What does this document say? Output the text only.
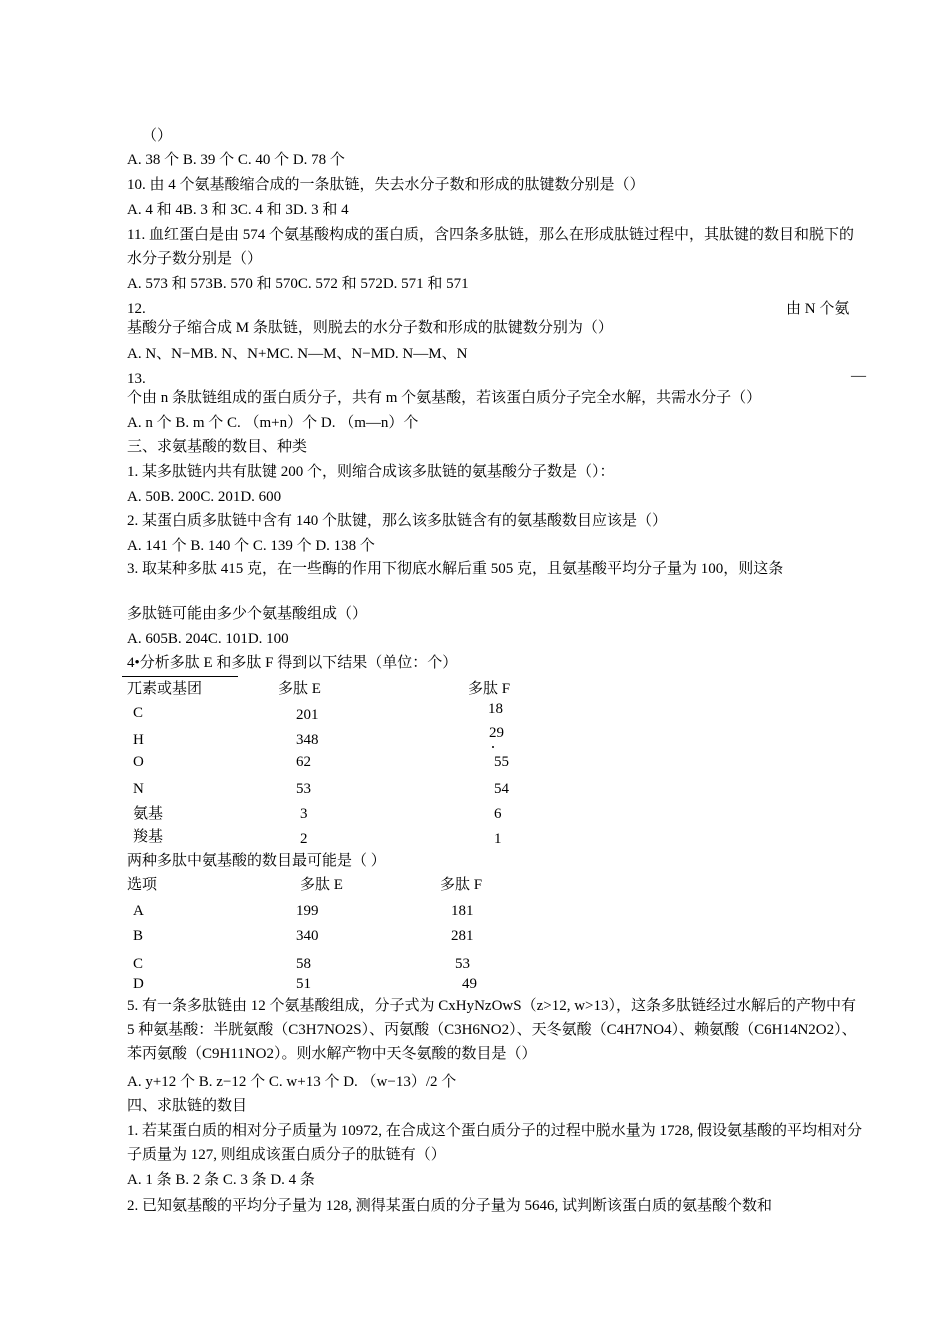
（）
A. 38 个 B. 39 个 C. 40 个 D. 78 个
10. 由 4 个氨基酸缩合成的一条肽链，失去水分子数和形成的肽键数分别是（）
A. 4 和 4B. 3 和 3C. 4 和 3D. 3 和 4
11. 血红蛋白是由 574 个氨基酸构成的蛋白质，含四条多肽链，那么在形成肽链过程中，其肽键的数目和脱下的水分子数分别是（）
A. 573 和 573B. 570 和 570C. 572 和 572D. 571 和 571
12.	由 N 个氨
基酸分子缩合成 M 条肽链，则脱去的水分子数和形成的肽键数分别为（）
A. N、N−MB. N、N+MC. N—M、N−MD. N—M、N
13.	—
个由 n 条肽链组成的蛋白质分子，共有 m 个氨基酸，若该蛋白质分子完全水解，共需水分子（）
A. n 个 B. m 个 C. （m+n）个 D. （m—n）个
三、求氨基酸的数目、种类
1. 某多肽链内共有肽键 200 个，则缩合成该多肽链的氨基酸分子数是（）：
A. 50B. 200C. 201D. 600
2. 某蛋白质多肽链中含有 140 个肽键，那么该多肽链含有的氨基酸数目应该是（）
A. 141 个 B. 140 个 C. 139 个 D. 138 个
3. 取某种多肽 415 克，在一些酶的作用下彻底水解后重 505 克，且氨基酸平均分子量为 100，则这条
多肽链可能由多少个氨基酸组成（）
A. 605B. 204C. 101D. 100
4•分析多肽 E 和多肽 F 得到以下结果（单位：个）
兀素或基团	多肽 E	多肽 F
C	201	18
H	348	29
O	62	55
N	53	54
氨基	3	6
羧基	2	1
两种多肽中氨基酸的数目最可能是（ ）
选项	多肽 E	多肽 F
A	199	181
B	340	281
C	58	53
D	51	49
5. 有一条多肽链由 12 个氨基酸组成，分子式为 CxHyNzOwS（z>12, w>13），这条多肽链经过水解后的产物中有 5 种氨基酸：半胱氨酸（C3H7NO2S）、丙氨酸（C3H6NO2）、天冬氨酸（C4H7NO4）、赖氨酸（C6H14N2O2）、苯丙氨酸（C9H11NO2）。则水解产物中天冬氨酸的数目是（）
A. y+12 个 B. z−12 个 C. w+13 个 D. （w−13）/2 个
四、求肽链的数目
1. 若某蛋白质的相对分子质量为 10972, 在合成这个蛋白质分子的过程中脱水量为 1728, 假设氨基酸的平均相对分子质量为 127, 则组成该蛋白质分子的肽链有（）
A. 1 条 B. 2 条 C. 3 条 D. 4 条
2. 已知氨基酸的平均分子量为 128, 测得某蛋白质的分子量为 5646, 试判断该蛋白质的氨基酸个数和
